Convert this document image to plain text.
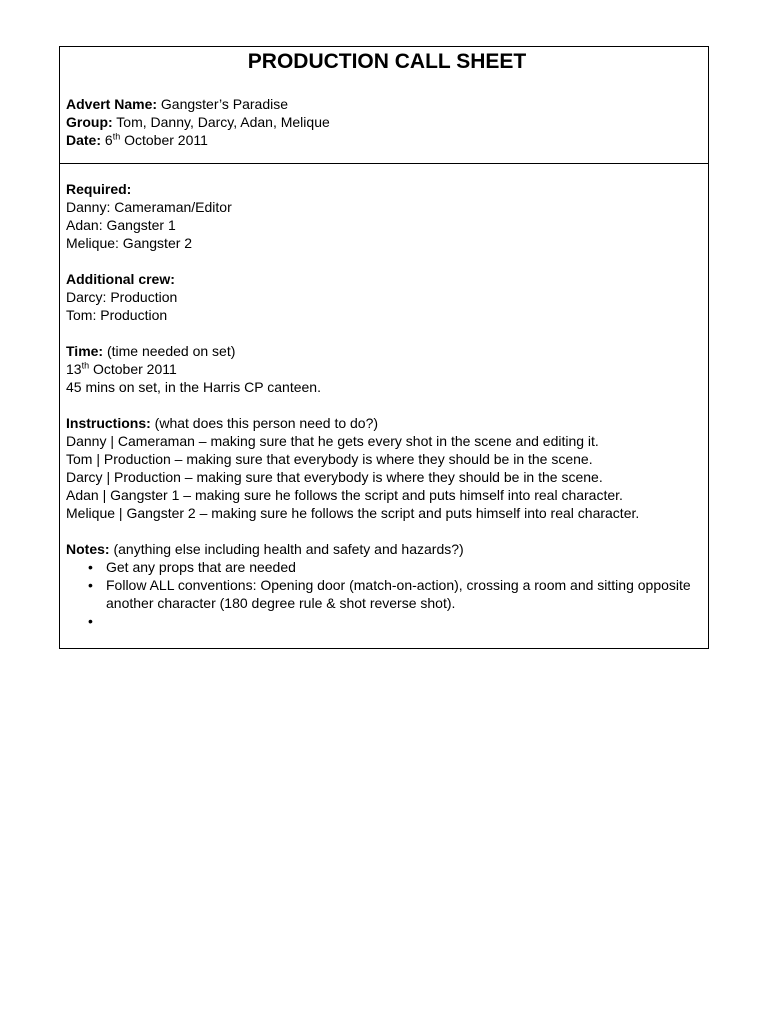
PRODUCTION CALL SHEET
Advert Name: Gangster’s Paradise
Group: Tom, Danny, Darcy, Adan, Melique
Date: 6th October 2011
Required:
Danny: Cameraman/Editor
Adan: Gangster 1
Melique: Gangster 2
Additional crew:
Darcy: Production
Tom: Production
Time: (time needed on set)
13th October 2011
45 mins on set, in the Harris CP canteen.
Instructions: (what does this person need to do?)
Danny | Cameraman – making sure that he gets every shot in the scene and editing it.
Tom | Production – making sure that everybody is where they should be in the scene.
Darcy | Production – making sure that everybody is where they should be in the scene.
Adan | Gangster 1 – making sure he follows the script and puts himself into real character.
Melique | Gangster 2 – making sure he follows the script and puts himself into real character.
Notes: (anything else including health and safety and hazards?)
• Get any props that are needed
• Follow ALL conventions: Opening door (match-on-action), crossing a room and sitting opposite another character (180 degree rule & shot reverse shot).
•
